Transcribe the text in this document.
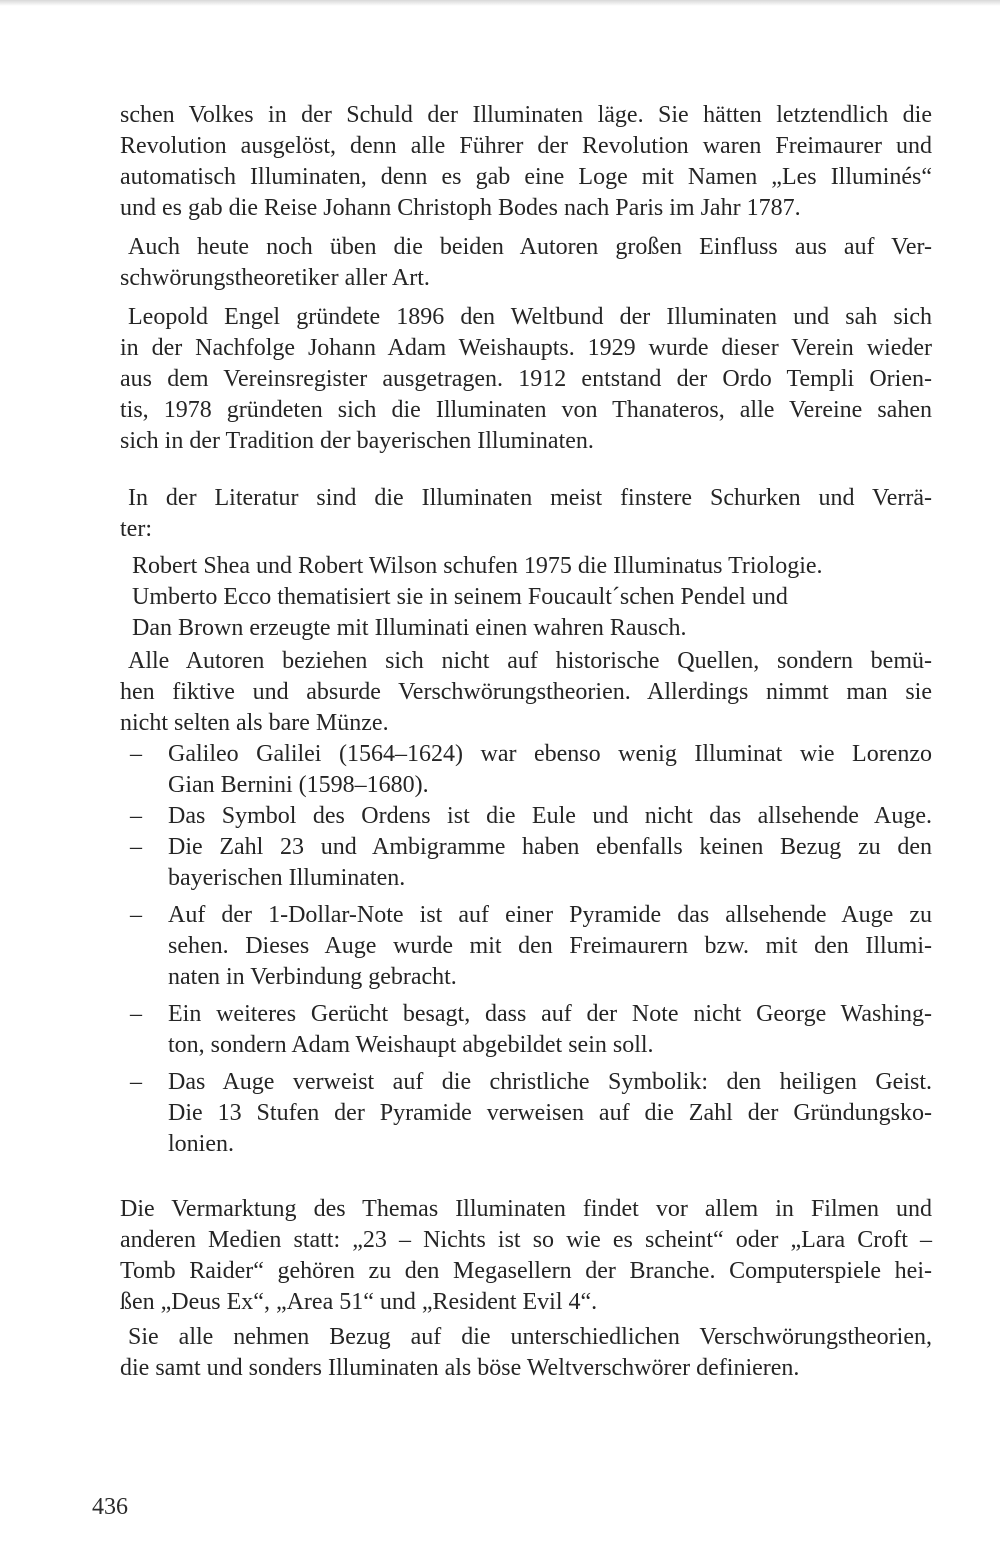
schen Volkes in der Schuld der Illuminaten läge. Sie hätten letztendlich die
Revolution ausgelöst, denn alle Führer der Revolution waren Freimaurer und
automatisch Illuminaten, denn es gab eine Loge mit Namen „Les Illuminés“
und es gab die Reise Johann Christoph Bodes nach Paris im Jahr 1787.
Auch heute noch üben die beiden Autoren großen Einfluss aus auf Ver-
schwörungstheoretiker aller Art.
Leopold Engel gründete 1896 den Weltbund der Illuminaten und sah sich
in der Nachfolge Johann Adam Weishaupts. 1929 wurde dieser Verein wieder
aus dem Vereinsregister ausgetragen. 1912 entstand der Ordo Templi Orien-
tis, 1978 gründeten sich die Illuminaten von Thanateros, alle Vereine sahen
sich in der Tradition der bayerischen Illuminaten.
In der Literatur sind die Illuminaten meist finstere Schurken und Verrä-
ter:
Robert Shea und Robert Wilson schufen 1975 die Illuminatus Triologie.
Umberto Ecco thematisiert sie in seinem Foucault´schen Pendel und
Dan Brown erzeugte mit Illuminati einen wahren Rausch.
Alle Autoren beziehen sich nicht auf historische Quellen, sondern bemü-
hen fiktive und absurde Verschwörungstheorien. Allerdings nimmt man sie
nicht selten als bare Münze.
–	Galileo Galilei (1564–1624) war ebenso wenig Illuminat wie Lorenzo
Gian Bernini (1598–1680).
–	Das Symbol des Ordens ist die Eule und nicht das allsehende Auge.
–	Die Zahl 23 und Ambigramme haben ebenfalls keinen Bezug zu den
bayerischen Illuminaten.
–	Auf der 1-Dollar-Note ist auf einer Pyramide das allsehende Auge zu
sehen. Dieses Auge wurde mit den Freimaurern bzw. mit den Illumi-
naten in Verbindung gebracht.
–	Ein weiteres Gerücht besagt, dass auf der Note nicht George Washing-
ton, sondern Adam Weishaupt abgebildet sein soll.
–	Das Auge verweist auf die christliche Symbolik: den heiligen Geist.
Die 13 Stufen der Pyramide verweisen auf die Zahl der Gründungsko-
lonien.
Die Vermarktung des Themas Illuminaten findet vor allem in Filmen und
anderen Medien statt: „23 – Nichts ist so wie es scheint“ oder „Lara Croft –
Tomb Raider“ gehören zu den Megasellern der Branche. Computerspiele hei-
ßen „Deus Ex“, „Area 51“ und „Resident Evil 4“.
Sie alle nehmen Bezug auf die unterschiedlichen Verschwörungstheorien,
die samt und sonders Illuminaten als böse Weltverschwörer definieren.
436
